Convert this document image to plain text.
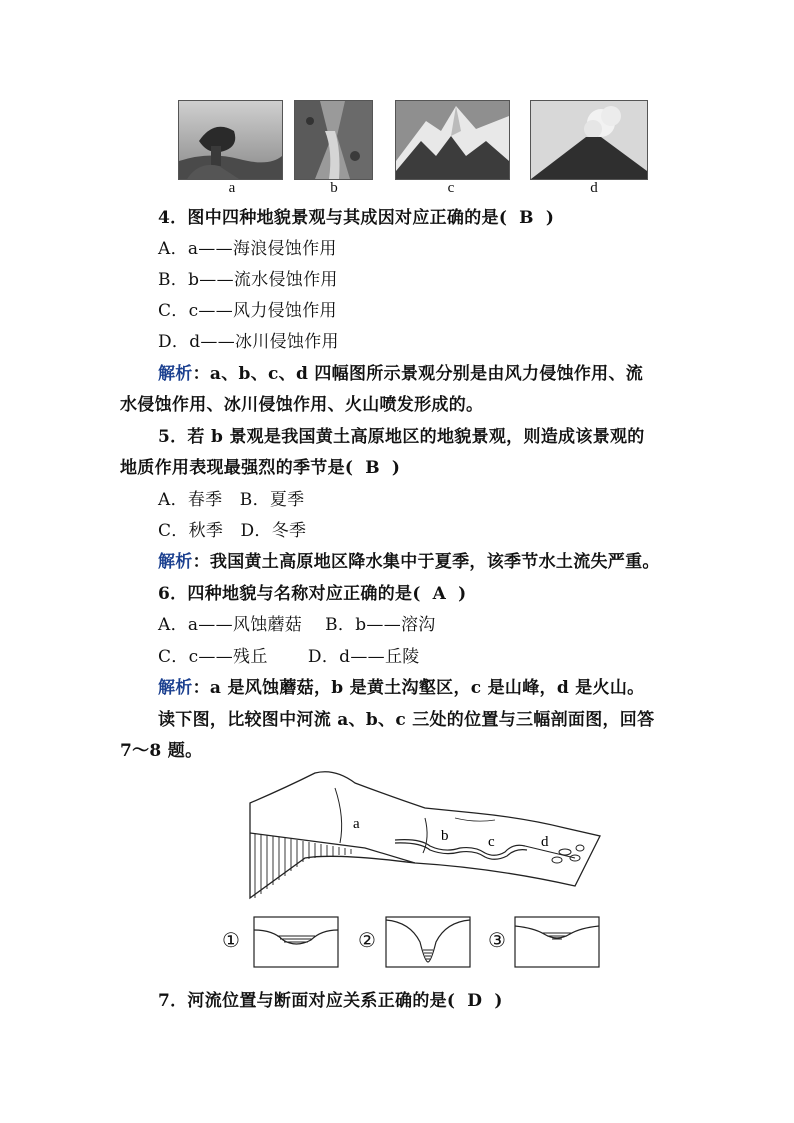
a	b	c	d
4．图中四种地貌景观与其成因对应正确的是( B )
A．a——海浪侵蚀作用
B．b——流水侵蚀作用
C．c——风力侵蚀作用
D．d——冰川侵蚀作用
解析：a、b、c、d 四幅图所示景观分别是由风力侵蚀作用、流
水侵蚀作用、冰川侵蚀作用、火山喷发形成的。
5．若 b 景观是我国黄土高原地区的地貌景观，则造成该景观的
地质作用表现最强烈的季节是( B )
A．春季　B．夏季
C．秋季　D．冬季
解析：我国黄土高原地区降水集中于夏季，该季节水土流失严重。
6．四种地貌与名称对应正确的是( A )
A．a——风蚀蘑菇　 B．b——溶沟
C．c——残丘　　 D．d——丘陵
解析：a 是风蚀蘑菇，b 是黄土沟壑区，c 是山峰，d 是火山。
读下图，比较图中河流 a、b、c 三处的位置与三幅剖面图，回答
7～8 题。
a
b	c	d
①	②	③
7．河流位置与断面对应关系正确的是( D )
